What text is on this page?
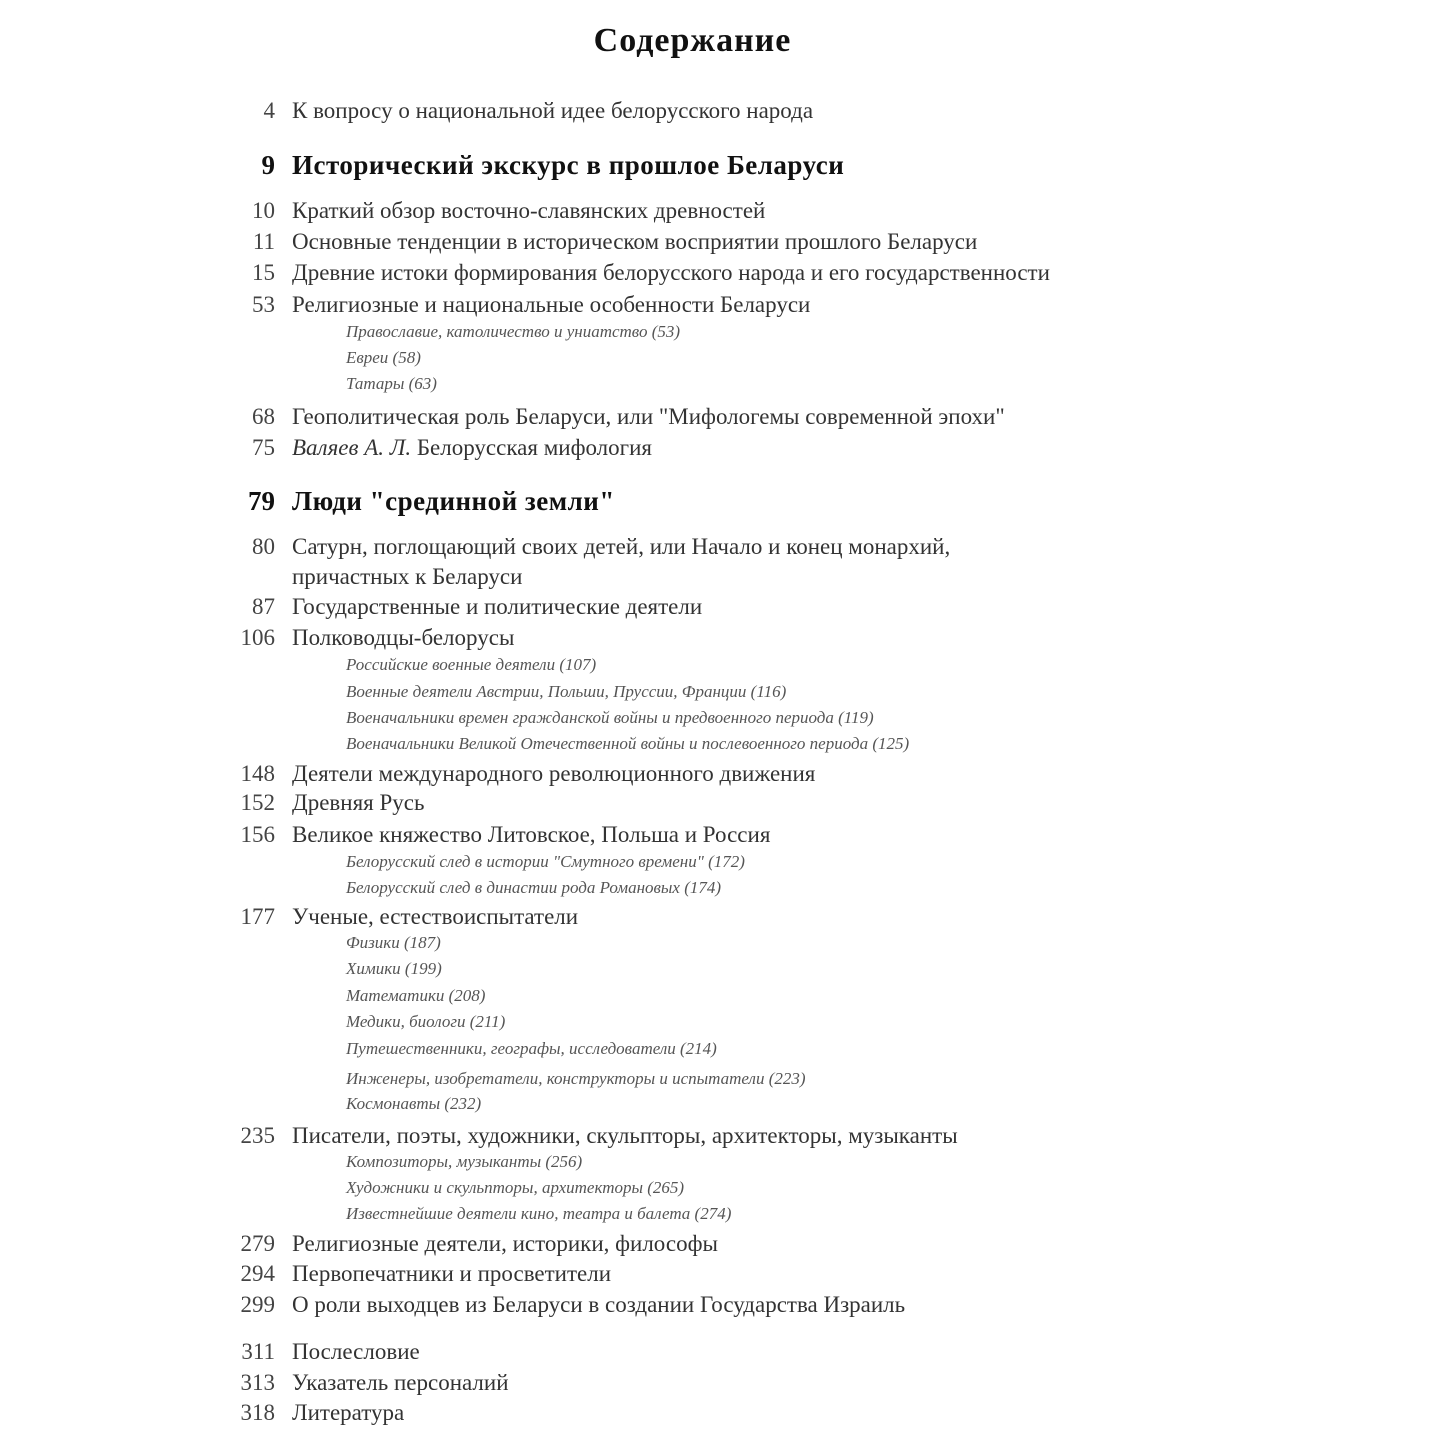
Содержание
4 К вопросу о национальной идее белорусского народа
9 Исторический экскурс в прошлое Беларуси
10 Краткий обзор восточно-славянских древностей
11 Основные тенденции в историческом восприятии прошлого Беларуси
15 Древние истоки формирования белорусского народа и его государственности
53 Религиозные и национальные особенности Беларуси
Православие, католичество и униатство (53)
Евреи (58)
Татары (63)
68 Геополитическая роль Беларуси, или "Мифологемы современной эпохи"
75 Валяев А. Л. Белорусская мифология
79 Люди "срединной земли"
80 Сатурн, поглощающий своих детей, или Начало и конец монархий,
причастных к Беларуси
87 Государственные и политические деятели
106 Полководцы-белорусы
Российские военные деятели (107)
Военные деятели Австрии, Польши, Пруссии, Франции (116)
Военачальники времен гражданской войны и предвоенного периода (119)
Военачальники Великой Отечественной войны и послевоенного периода (125)
148 Деятели международного революционного движения
152 Древняя Русь
156 Великое княжество Литовское, Польша и Россия
Белорусский след в истории "Смутного времени" (172)
Белорусский след в династии рода Романовых (174)
177 Ученые, естествоиспытатели
Физики (187)
Химики (199)
Математики (208)
Медики, биологи (211)
Путешественники, географы, исследователи (214)
Инженеры, изобретатели, конструкторы и испытатели (223)
Космонавты (232)
235 Писатели, поэты, художники, скульпторы, архитекторы, музыканты
Композиторы, музыканты (256)
Художники и скульпторы, архитекторы (265)
Известнейшие деятели кино, театра и балета (274)
279 Религиозные деятели, историки, философы
294 Первопечатники и просветители
299 О роли выходцев из Беларуси в создании Государства Израиль
311 Послесловие
313 Указатель персоналий
318 Литература
